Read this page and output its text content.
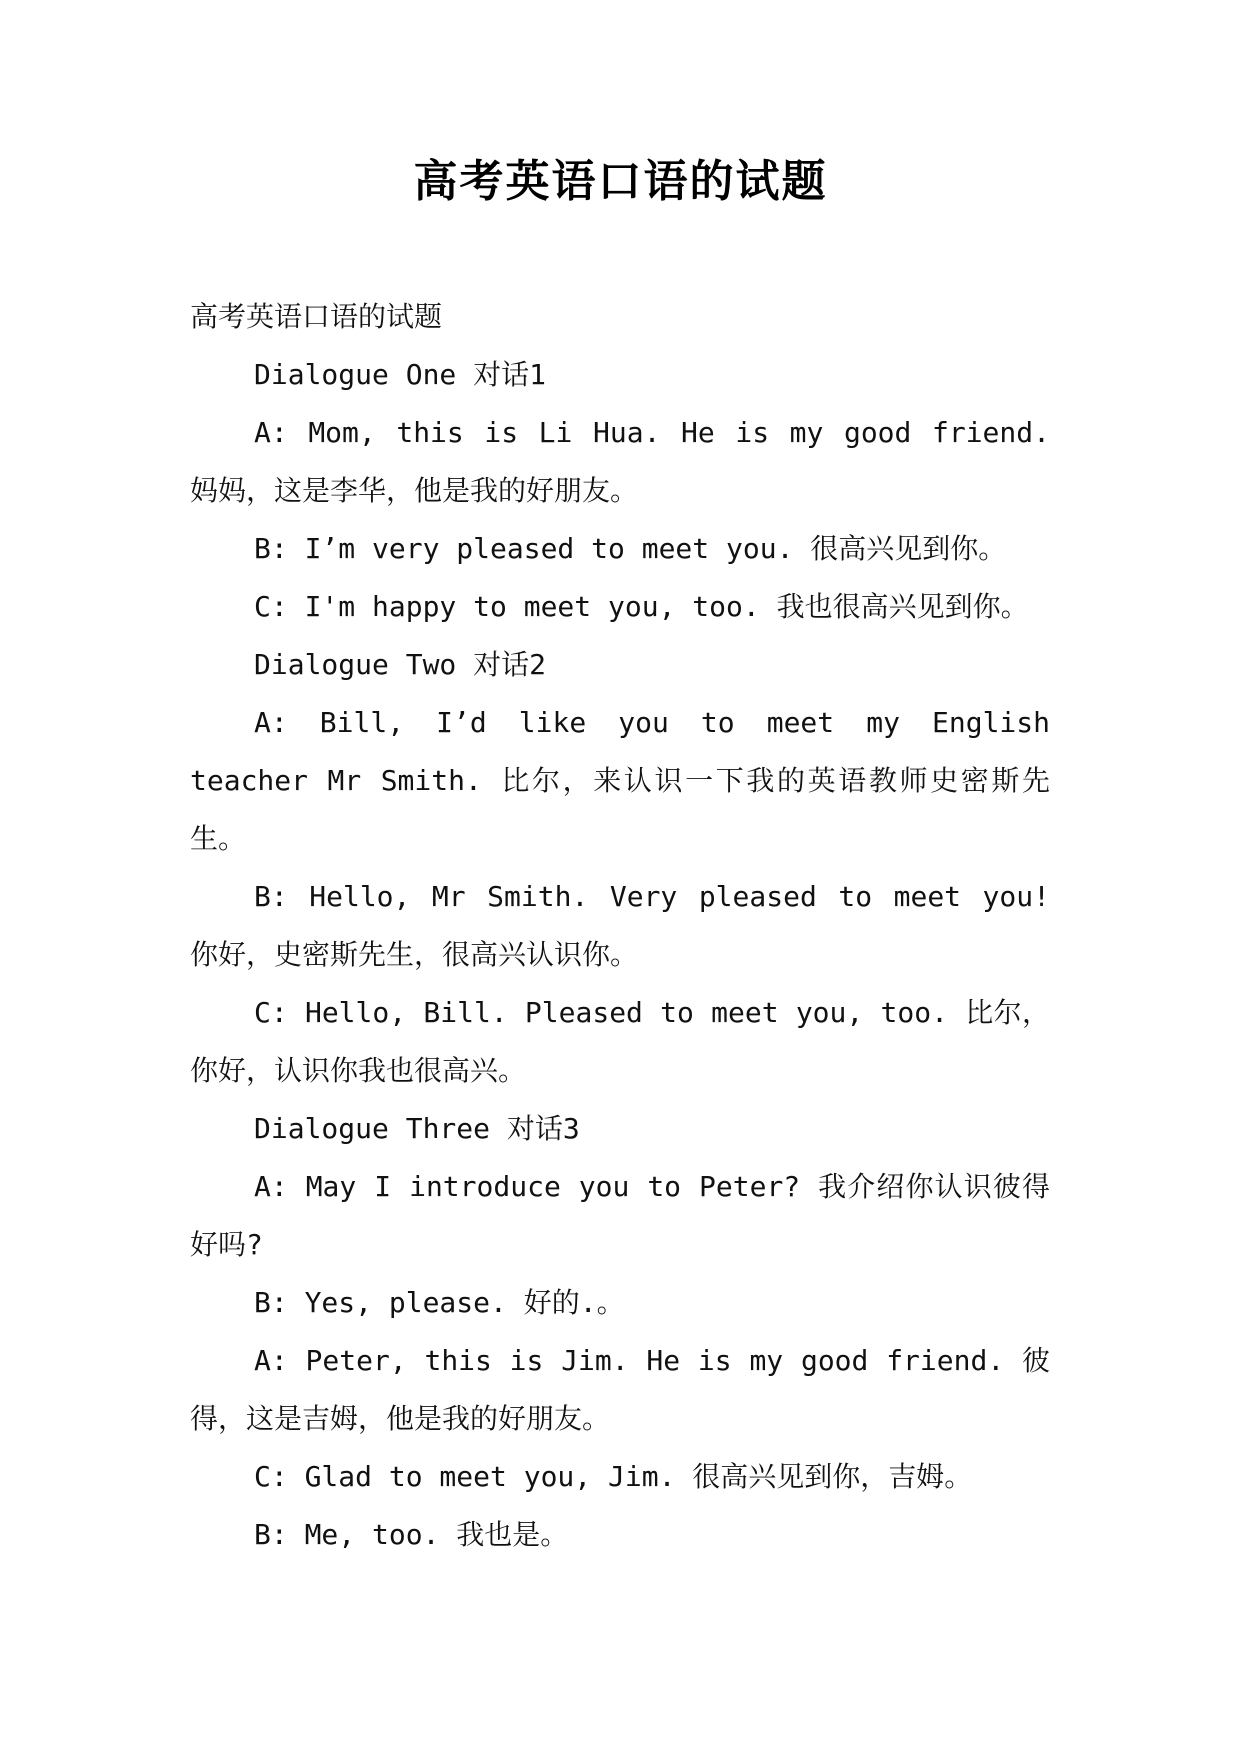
高考英语口语的试题

高考英语口语的试题

Dialogue One 对话1

A: Mom, this is Li Hua. He is my good friend. 妈妈，这是李华，他是我的好朋友。

B: I’m very pleased to meet you. 很高兴见到你。

C: I'm happy to meet you, too. 我也很高兴见到你。

Dialogue Two 对话2

A: Bill, I’d like you to meet my English teacher Mr Smith. 比尔，来认识一下我的英语教师史密斯先生。

B: Hello, Mr Smith. Very pleased to meet you! 你好，史密斯先生，很高兴认识你。

C: Hello, Bill. Pleased to meet you, too. 比尔，你好，认识你我也很高兴。

Dialogue Three 对话3

A: May I introduce you to Peter? 我介绍你认识彼得好吗?

B: Yes, please. 好的.。

A: Peter, this is Jim. He is my good friend. 彼得，这是吉姆，他是我的好朋友。

C: Glad to meet you, Jim. 很高兴见到你，吉姆。

B: Me, too. 我也是。
